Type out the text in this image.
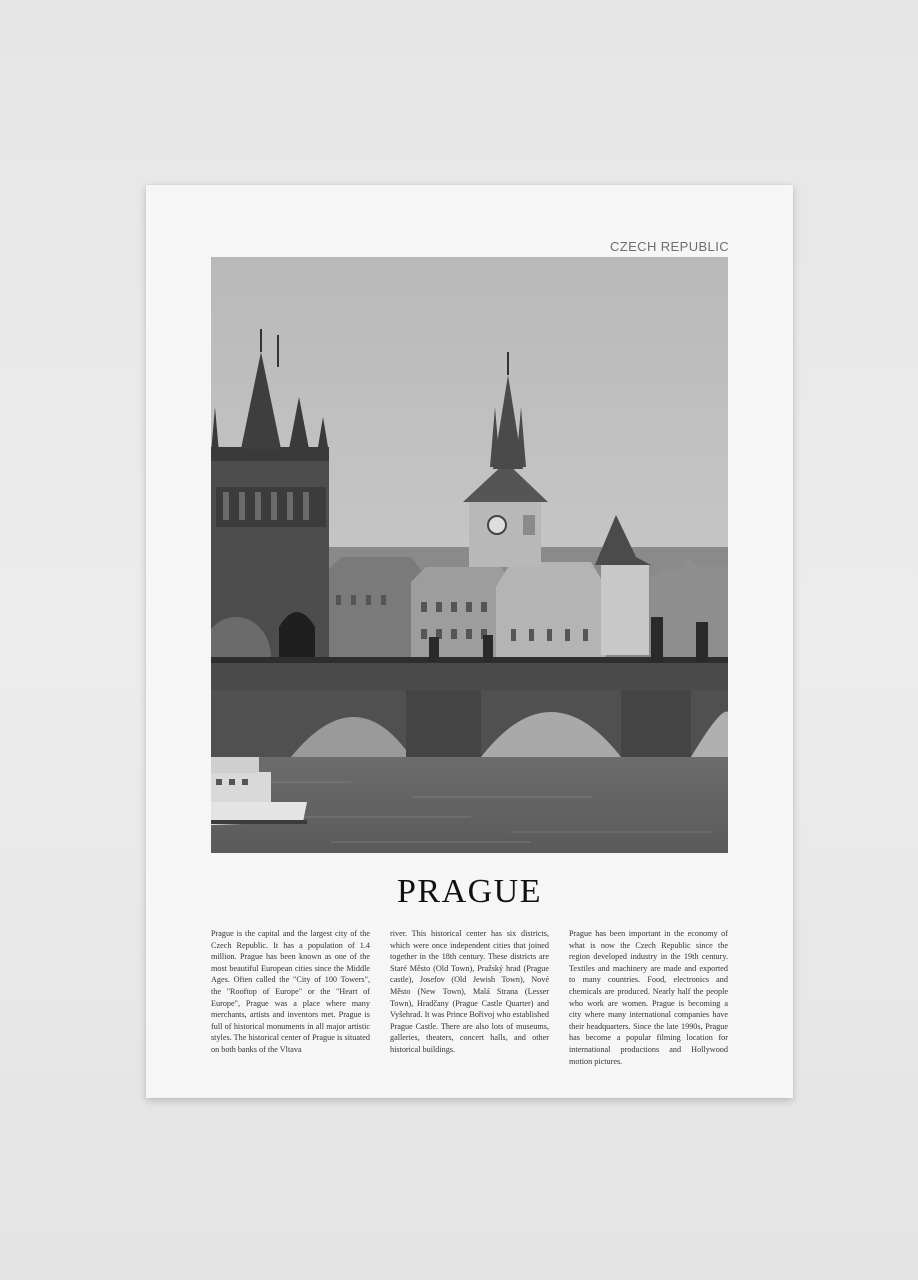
CZECH REPUBLIC
PRAGUE
Prague is the capital and the largest city of the Czech Republic. It has a population of 1.4 million. Prague has been known as one of the most beautiful European cities since the Middle Ages. Often called the "City of 100 Towers", the "Rooftop of Europe" or the "Heart of Europe", Prague was a place where many merchants, artists and inventors met. Prague is full of historical monuments in all major artistic styles. The historical center of Prague is situated on both banks of the Vltava
river. This historical center has six districts, which were once independent cities that joined together in the 18th century. These districts are Staré Město (Old Town), Pražský hrad (Prague castle), Josefov (Old Jewish Town), Nové Město (New Town), Malá Strana (Lesser Town), Hradčany (Prague Castle Quarter) and Vyšehrad. It was Prince Bořivoj who established Prague Castle. There are also lots of museums, galleries, theaters, concert halls, and other historical buildings.
Prague has been important in the economy of what is now the Czech Republic since the region developed industry in the 19th century. Textiles and machinery are made and exported to many countries. Food, electronics and chemicals are produced. Nearly half the people who work are women. Prague is becoming a city where many international companies have their headquarters. Since the late 1990s, Prague has become a popular filming location for international productions and Hollywood motion pictures.
